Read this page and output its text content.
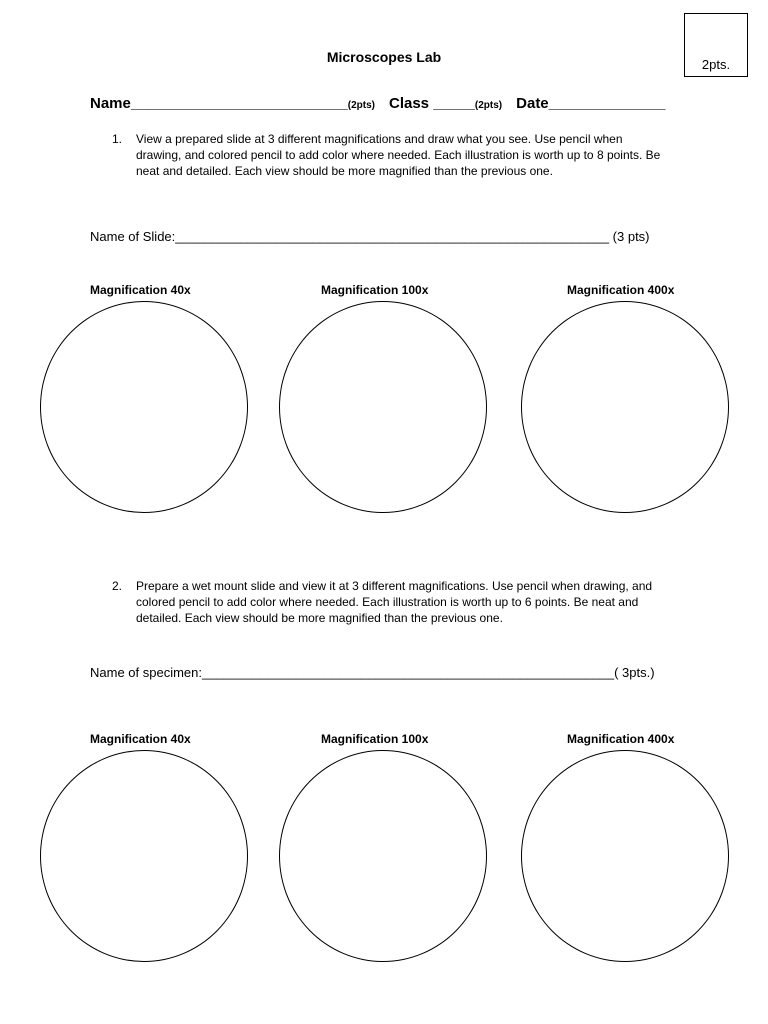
2pts.
Microscopes Lab
Name__________________________(2pts) Class _____(2pts) Date______________
1. View a prepared slide at 3 different magnifications and draw what you see. Use pencil when drawing, and colored pencil to add color where needed. Each illustration is worth up to 8 points. Be neat and detailed. Each view should be more magnified than the previous one.
Name of Slide:____________________________________________________________ (3 pts)
Magnification 40x	Magnification 100x	Magnification 400x
2. Prepare a wet mount slide and view it at 3 different magnifications. Use pencil when drawing, and colored pencil to add color where needed. Each illustration is worth up to 6 points. Be neat and detailed. Each view should be more magnified than the previous one.
Name of specimen:_________________________________________________________( 3pts.)
Magnification 40x	Magnification 100x	Magnification 400x
